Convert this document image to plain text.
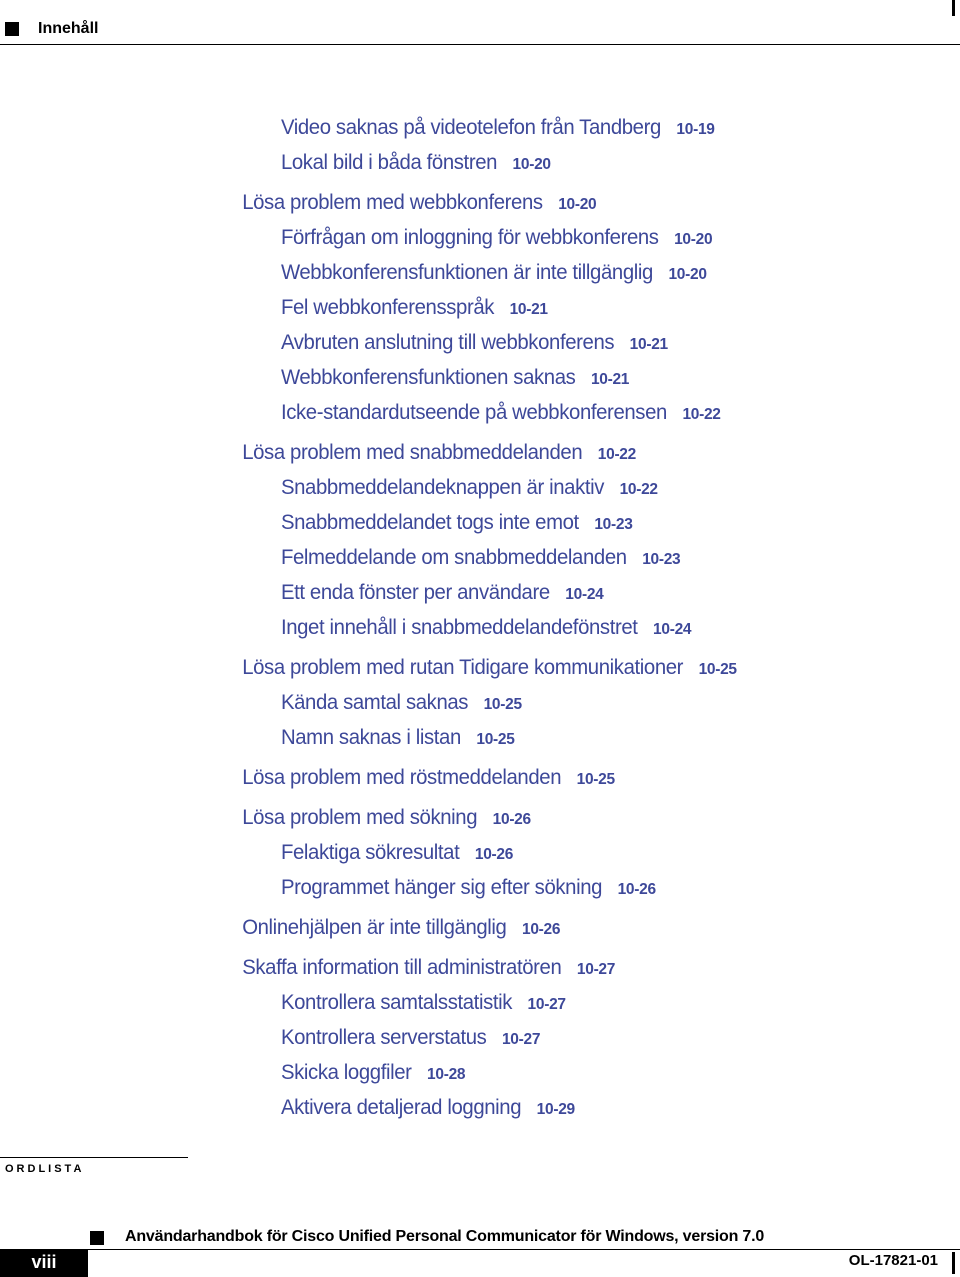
Innehåll
Video saknas på videotelefon från Tandberg 10-19
Lokal bild i båda fönstren 10-20
Lösa problem med webbkonferens 10-20
Förfrågan om inloggning för webbkonferens 10-20
Webbkonferensfunktionen är inte tillgänglig 10-20
Fel webbkonferensspråk 10-21
Avbruten anslutning till webbkonferens 10-21
Webbkonferensfunktionen saknas 10-21
Icke-standardutseende på webbkonferensen 10-22
Lösa problem med snabbmeddelanden 10-22
Snabbmeddelandeknappen är inaktiv 10-22
Snabbmeddelandet togs inte emot 10-23
Felmeddelande om snabbmeddelanden 10-23
Ett enda fönster per användare 10-24
Inget innehåll i snabbmeddelandefönstret 10-24
Lösa problem med rutan Tidigare kommunikationer 10-25
Kända samtal saknas 10-25
Namn saknas i listan 10-25
Lösa problem med röstmeddelanden 10-25
Lösa problem med sökning 10-26
Felaktiga sökresultat 10-26
Programmet hänger sig efter sökning 10-26
Onlinehjälpen är inte tillgänglig 10-26
Skaffa information till administratören 10-27
Kontrollera samtalsstatistik 10-27
Kontrollera serverstatus 10-27
Skicka loggfiler 10-28
Aktivera detaljerad loggning 10-29
ORDLISTA
Användarhandbok för Cisco Unified Personal Communicator för Windows, version 7.0
viii	OL-17821-01
